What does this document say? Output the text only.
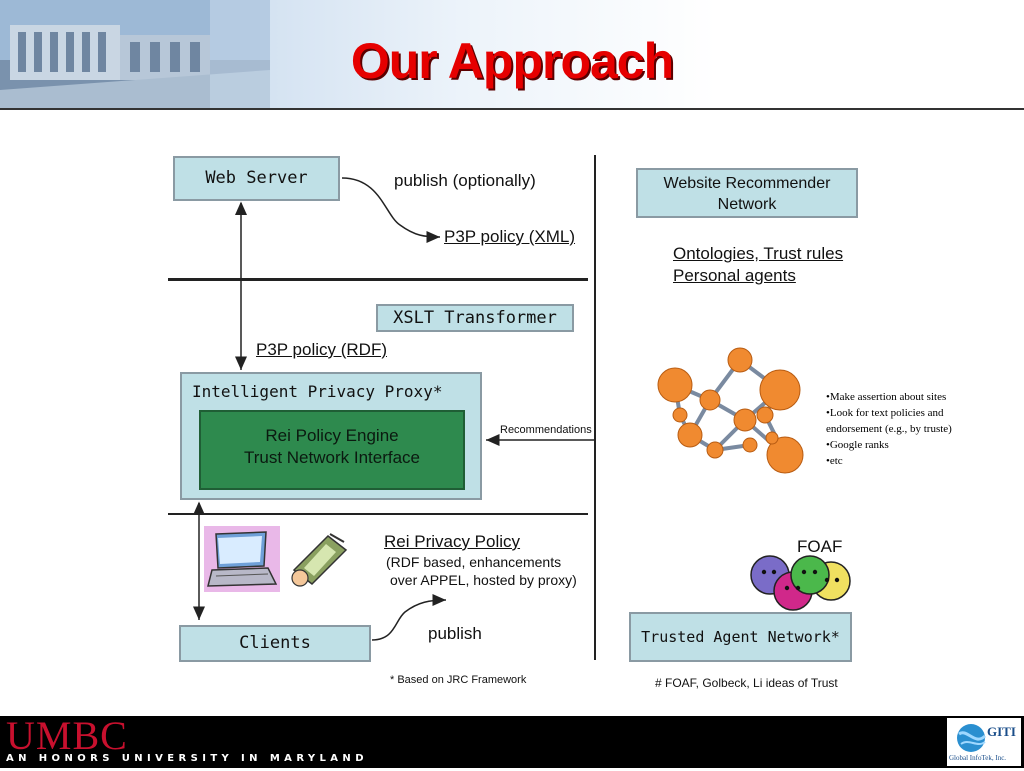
Our Approach
Web Server	publish (optionally)
P3P policy (XML)
XSLT Transformer
P3P policy (RDF)
Intelligent Privacy Proxy*
Rei Policy Engine
Trust Network Interface
Recommendations
Rei Privacy Policy
(RDF based, enhancements
over APPEL, hosted by proxy)
Clients	publish
* Based on JRC Framework
Website Recommender
Network
Ontologies, Trust rules
Personal agents
•Make assertion about sites
•Look for text policies and endorsement (e.g., by truste)
•Google ranks
•etc
FOAF
Trusted Agent Network*
# FOAF, Golbeck, Li ideas of Trust
UMBC
AN HONORS UNIVERSITY IN MARYLAND
GITI
Global InfoTek, Inc.
